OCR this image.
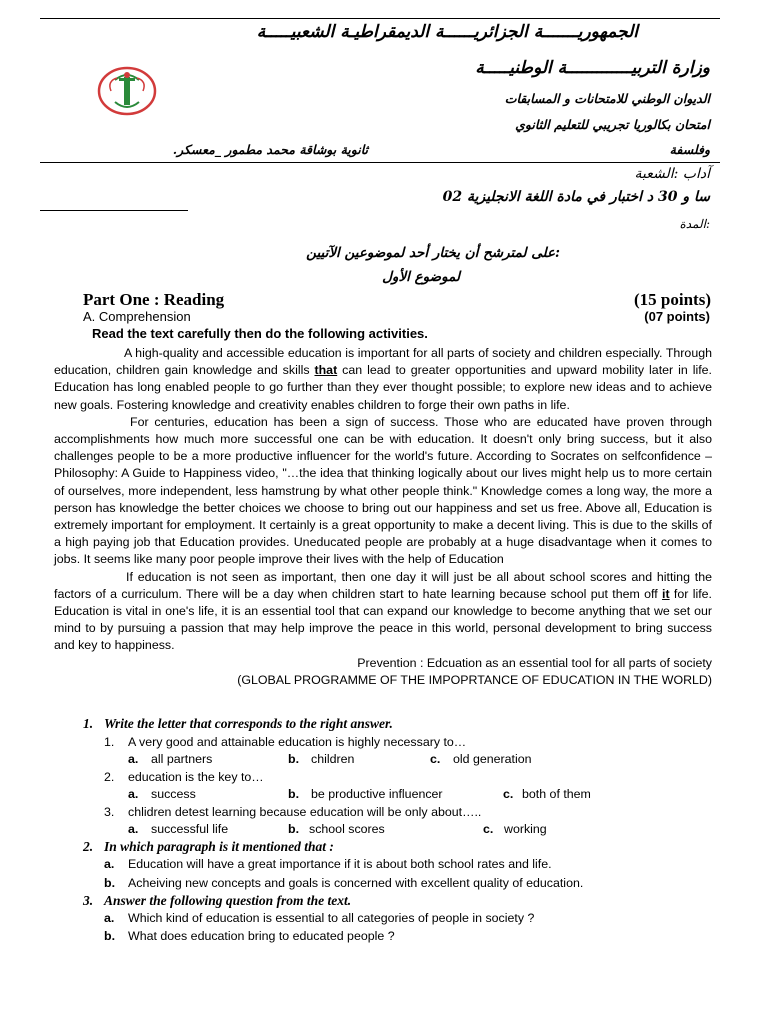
الجمهوريـــــــة الجزائريــــــة الديمقراطيـة الشعبيـــــة
وزارة التربيـــــــــــــة الوطنيـــــة
الديوان الوطني للامتحانات و المسابقات
امتحان بكالوريا تجريبي للتعليم الثانوي
وفلسفة
ثانوية بوشاقة محمد مطمور _معسكر.
آداب :الشعبة
سا و 30 د اختبار في مادة اللغة الانجليزية 02
:المدة
:على لمترشح أن يختار أحد لموضوعين الآتيين
لموضوع الأول
Part One : Reading	(15 points)
A. Comprehension	(07 points)
Read the text carefully then do the following activities.
A high-quality and accessible education is important for all parts of society and children especially. Through education, children gain knowledge and skills that can lead to greater opportunities and upward mobility later in life. Education has long enabled people to go further than they ever thought possible; to explore new ideas and to achieve new goals. Fostering knowledge and creativity enables children to forge their own paths in life.
For centuries, education has been a sign of success. Those who are educated have proven through accomplishments how much more successful one can be with education. It doesn't only bring success, but it also challenges people to be a more productive influencer for the world's future. According to Socrates on selfconfidence – Philosophy: A Guide to Happiness video, "…the idea that thinking logically about our lives might help us to more certain of ourselves, more independent, less hamstrung by what other people think." Knowledge comes a long way, the more a person has knowledge the better choices we choose to bring out our happiness and set us free. Above all, Education is extremely important for employment. It certainly is a great opportunity to make a decent living. This is due to the skills of a high paying job that Education provides. Uneducated people are probably at a huge disadvantage when it comes to jobs. It seems like many poor people improve their lives with the help of Education
If education is not seen as important, then one day it will just be all about school scores and hitting the factors of a curriculum. There will be a day when children start to hate learning because school put them off it for life. Education is vital in one's life, it is an essential tool that can expand our knowledge to become anything that we set our mind to by pursuing a passion that may help improve the peace in this world, personal development to bring success and key to happiness.
Prevention : Edcuation as an essential tool for all parts of society
(GLOBAL PROGRAMME OF THE IMPOPRTANCE OF EDUCATION IN THE WORLD)
1. Write the letter that corresponds to the right answer.
1. A very good and attainable education is highly necessary to…
a. all partners	b. children	c. old generation
2. education is the key to…
a. success	b. be productive influencer	c. both of them
3. chlidren detest learning because education will be only about…..
a. successful life	b. school scores	c. working
2. In which paragraph is it mentioned that :
a. Education will have a great importance if it is about both school rates and life.
b. Acheiving new concepts and goals is concerned with excellent quality of education.
3. Answer the following question from the text.
a. Which kind of education is essential to all categories of people in society ?
b. What does education bring to educated people ?
